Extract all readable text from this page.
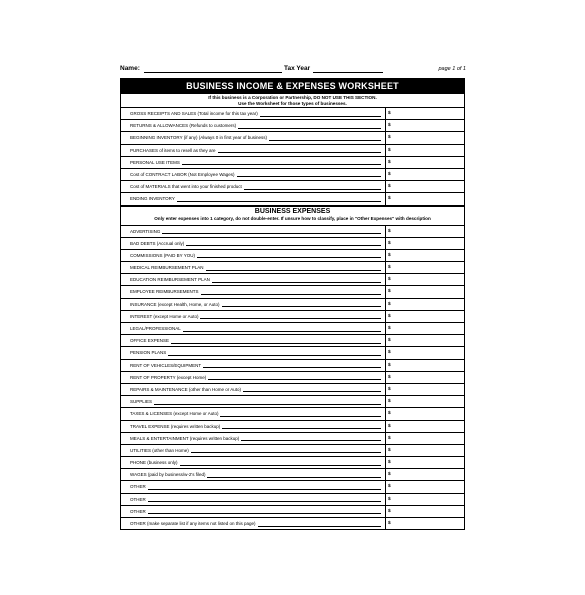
Name:	Tax Year	page 1 of 1
BUSINESS INCOME & EXPENSES WORKSHEET
If this business is a Corporation or Partnership, DO NOT USE THIS SECTION.
Use the Worksheet for those types of businesses.
GROSS RECEIPTS AND SALES (Total income for this tax year)	$
RETURNS & ALLOWANCES (Refunds to customers)	$
BEGINNING INVENTORY (if any) (Always 0 in first year of business)	$
PURCHASES of items to resell as they are	$
PERSONAL USE ITEMS	$
Cost of CONTRACT LABOR (Not Employee Wages)	$
Cost of MATERIALS that went into your finished product	$
ENDING INVENTORY	$
BUSINESS EXPENSES
Only enter expenses into 1 category, do not double-enter. If unsure how to classify, place in "Other Expenses" with description
ADVERTISING	$
BAD DEBTS (Accrual only)	$
COMMISSIONS (PAID BY YOU)	$
MEDICAL REIMBURSEMENT PLAN	$
EDUCATION REIMBURSEMENT PLAN	$
EMPLOYEE REIMBURSEMENTS	$
INSURANCE (except Health, Home, or Auto)	$
INTEREST (except Home or Auto)	$
LEGAL/PROFESSIONAL	$
OFFICE EXPENSE	$
PENSION PLANS	$
RENT OF VEHICLES/EQUIPMENT	$
RENT OF PROPERTY (except Home)	$
REPAIRS & MAINTENANCE (other than Home or Auto)	$
SUPPLIES	$
TAXES & LICENSES (except Home or Auto)	$
TRAVEL EXPENSE (requires written backup)	$
MEALS & ENTERTAINMENT (requires written backup)	$
UTILITIES (other than Home)	$
PHONE (business only)	$
WAGES (paid by business/w-2's filed)	$
OTHER	$
OTHER	$
OTHER	$
OTHER (make separate list if any items not listed on this page)	$
